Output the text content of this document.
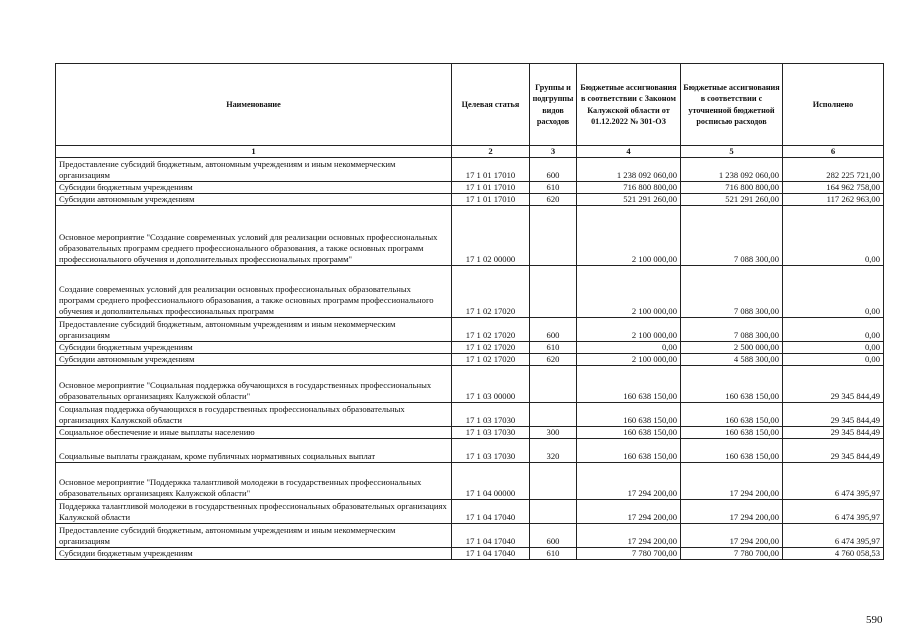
Наименование	Целевая статья	Группы и подгруппы видов расходов	Бюджетные ассигнования в соответствии с Законом Калужской области от 01.12.2022 № 301-ОЗ	Бюджетные ассигнования в соответствии с уточненной бюджетной росписью расходов	Исполнено
1	2	3	4	5	6
Предоставление субсидий бюджетным, автономным учреждениям и иным некоммерческим организациям	17 1 01 17010	600	1 238 092 060,00	1 238 092 060,00	282 225 721,00
Субсидии бюджетным учреждениям	17 1 01 17010	610	716 800 800,00	716 800 800,00	164 962 758,00
Субсидии автономным учреждениям	17 1 01 17010	620	521 291 260,00	521 291 260,00	117 262 963,00
Основное мероприятие "Создание современных условий для реализации основных профессиональных образовательных программ среднего профессионального образования, а также основных программ профессионального обучения и дополнительных профессиональных программ"	17 1 02 00000		2 100 000,00	7 088 300,00	0,00
Создание современных условий для реализации основных профессиональных образовательных программ среднего профессионального образования, а также основных программ профессионального обучения и дополнительных профессиональных программ	17 1 02 17020		2 100 000,00	7 088 300,00	0,00
Предоставление субсидий бюджетным, автономным учреждениям и иным некоммерческим организациям	17 1 02 17020	600	2 100 000,00	7 088 300,00	0,00
Субсидии бюджетным учреждениям	17 1 02 17020	610	0,00	2 500 000,00	0,00
Субсидии автономным учреждениям	17 1 02 17020	620	2 100 000,00	4 588 300,00	0,00
Основное мероприятие "Социальная поддержка обучающихся в государственных профессиональных образовательных организациях Калужской области"	17 1 03 00000		160 638 150,00	160 638 150,00	29 345 844,49
Социальная поддержка обучающихся в государственных профессиональных образовательных организациях Калужской области	17 1 03 17030		160 638 150,00	160 638 150,00	29 345 844,49
Социальное обеспечение и иные выплаты населению	17 1 03 17030	300	160 638 150,00	160 638 150,00	29 345 844,49
Социальные выплаты гражданам, кроме публичных нормативных социальных выплат	17 1 03 17030	320	160 638 150,00	160 638 150,00	29 345 844,49
Основное мероприятие "Поддержка талантливой молодежи в государственных профессиональных образовательных организациях Калужской области"	17 1 04 00000		17 294 200,00	17 294 200,00	6 474 395,97
Поддержка талантливой молодежи в государственных профессиональных образовательных организациях Калужской области	17 1 04 17040		17 294 200,00	17 294 200,00	6 474 395,97
Предоставление субсидий бюджетным, автономным учреждениям и иным некоммерческим организациям	17 1 04 17040	600	17 294 200,00	17 294 200,00	6 474 395,97
Субсидии бюджетным учреждениям	17 1 04 17040	610	7 780 700,00	7 780 700,00	4 760 058,53
590
